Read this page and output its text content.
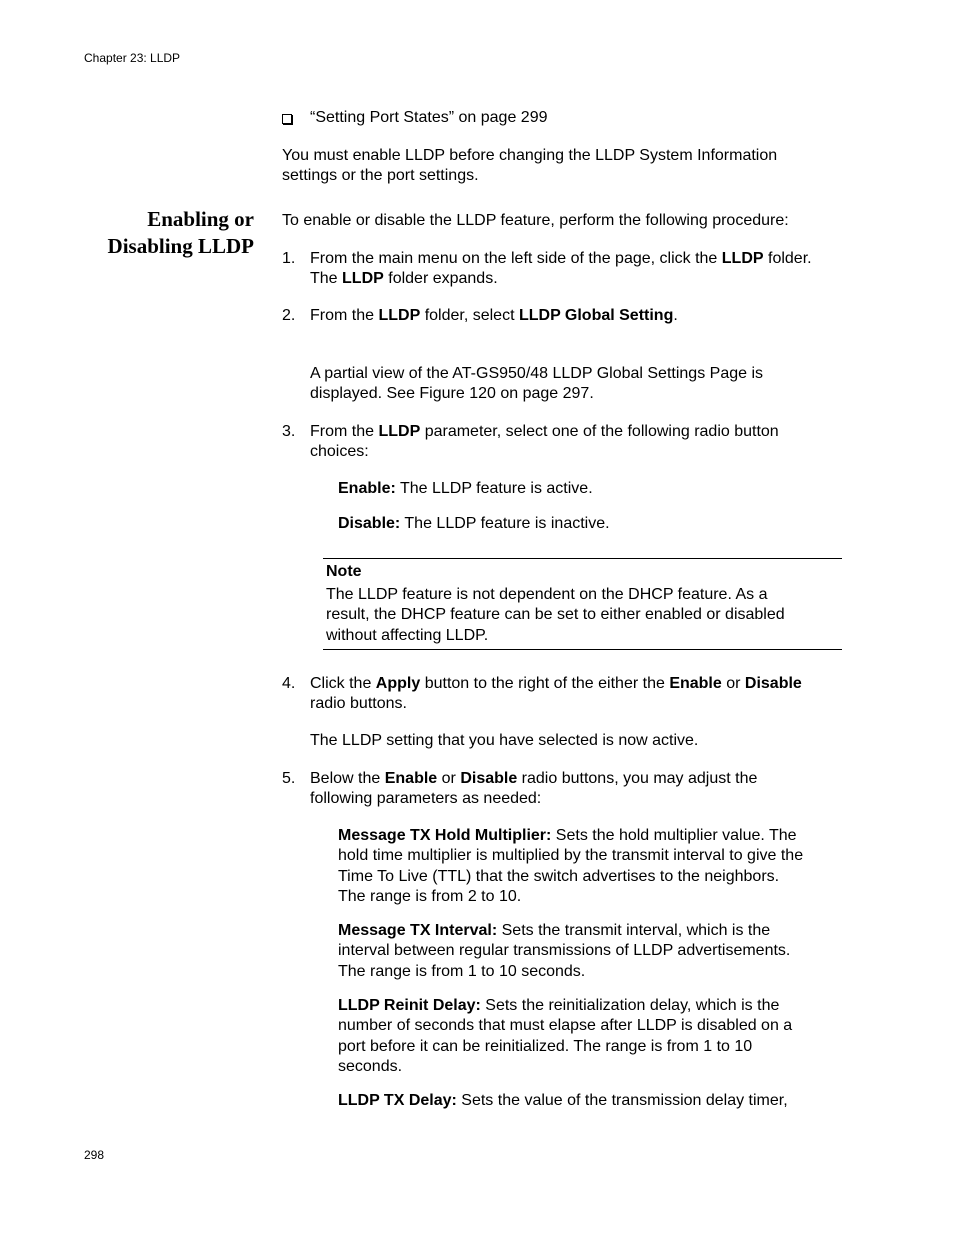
Chapter 23: LLDP
“Setting Port States” on page 299
You must enable LLDP before changing the LLDP System Information
settings or the port settings.
Enabling or
Disabling LLDP
To enable or disable the LLDP feature, perform the following procedure:
1. From the main menu on the left side of the page, click the LLDP folder.
The LLDP folder expands.
2. From the LLDP folder, select LLDP Global Setting.
A partial view of the AT-GS950/48 LLDP Global Settings Page is
displayed. See Figure 120 on page 297.
3. From the LLDP parameter, select one of the following radio button
choices:
Enable: The LLDP feature is active.
Disable: The LLDP feature is inactive.
Note
The LLDP feature is not dependent on the DHCP feature. As a
result, the DHCP feature can be set to either enabled or disabled
without affecting LLDP.
4. Click the Apply button to the right of the either the Enable or Disable
radio buttons.
The LLDP setting that you have selected is now active.
5. Below the Enable or Disable radio buttons, you may adjust the
following parameters as needed:
Message TX Hold Multiplier: Sets the hold multiplier value. The
hold time multiplier is multiplied by the transmit interval to give the
Time To Live (TTL) that the switch advertises to the neighbors.
The range is from 2 to 10.
Message TX Interval: Sets the transmit interval, which is the
interval between regular transmissions of LLDP advertisements.
The range is from 1 to 10 seconds.
LLDP Reinit Delay: Sets the reinitialization delay, which is the
number of seconds that must elapse after LLDP is disabled on a
port before it can be reinitialized. The range is from 1 to 10
seconds.
LLDP TX Delay: Sets the value of the transmission delay timer,
298
